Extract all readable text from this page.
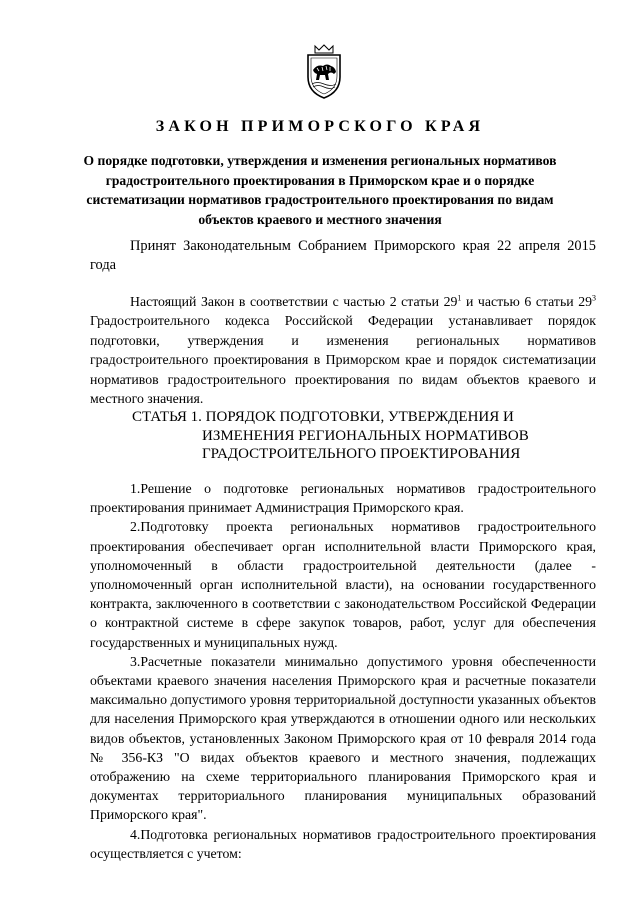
ЗАКОН ПРИМОРСКОГО КРАЯ
О порядке подготовки, утверждения и изменения региональных нормативов градостроительного проектирования в Приморском крае и о порядке систематизации нормативов градостроительного проектирования по видам объектов краевого и местного значения
Принят Законодательным Собранием Приморского края 22 апреля 2015 года
Настоящий Закон в соответствии с частью 2 статьи $29^1$ и частью 6 статьи $29^3$ Градостроительного кодекса Российской Федерации устанавливает порядок подготовки, утверждения и изменения региональных нормативов градостроительного проектирования в Приморском крае и порядок систематизации нормативов градостроительного проектирования по видам объектов краевого и местного значения.
СТАТЬЯ 1. ПОРЯДОК ПОДГОТОВКИ, УТВЕРЖДЕНИЯ И
ИЗМЕНЕНИЯ РЕГИОНАЛЬНЫХ НОРМАТИВОВ
ГРАДОСТРОИТЕЛЬНОГО ПРОЕКТИРОВАНИЯ

1.Решение о подготовке региональных нормативов градостроительного проектирования принимает Администрация Приморского края.

2.Подготовку проекта региональных нормативов градостроительного проектирования обеспечивает орган исполнительной власти Приморского края, уполномоченный в области градостроительной деятельности (далее - уполномоченный орган исполнительной власти), на основании государственного контракта, заключенного в соответствии с законодательством Российской Федерации о контрактной системе в сфере закупок товаров, работ, услуг для обеспечения государственных и муниципальных нужд.

3.Расчетные показатели минимально допустимого уровня обеспеченности объектами краевого значения населения Приморского края и расчетные показатели максимально допустимого уровня территориальной доступности указанных объектов для населения Приморского края утверждаются в отношении одного или нескольких видов объектов, установленных Законом Приморского края от 10 февраля 2014 года № 356-КЗ "О видах объектов краевого и местного значения, подлежащих отображению на схеме территориального планирования Приморского края и документах территориального планирования муниципальных образований Приморского края".

4.Подготовка региональных нормативов градостроительного проектирования осуществляется с учетом:
